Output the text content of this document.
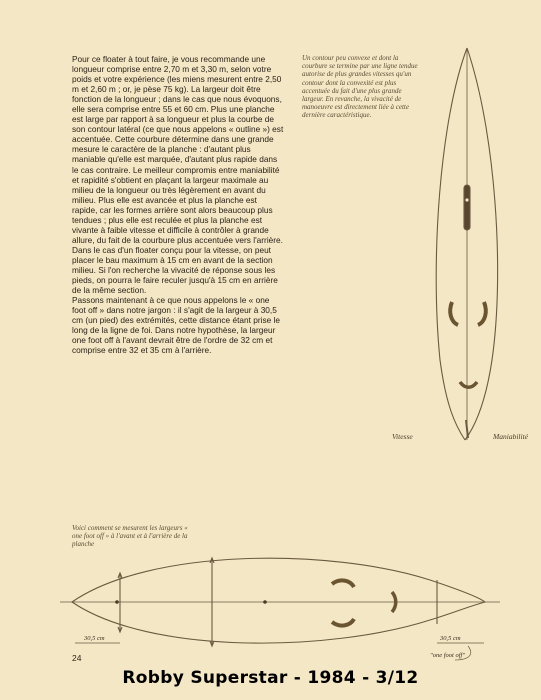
Pour ce floater à tout faire, je vous recommande une longueur comprise entre 2,70 m et 3,30 m, selon votre poids et votre expérience (les miens mesurent entre 2,50 m et 2,60 m ; or, je pèse 75 kg). La largeur doit être fonction de la longueur ; dans le cas que nous évoquons, elle sera comprise entre 55 et 60 cm. Plus une planche est large par rapport à sa longueur et plus la courbe de son contour latéral (ce que nous appelons « outline ») est accentuée. Cette courbure détermine dans une grande mesure le caractère de la planche : d'autant plus maniable qu'elle est marquée, d'autant plus rapide dans le cas contraire. Le meilleur compromis entre maniabilité et rapidité s'obtient en plaçant la largeur maximale au milieu de la longueur ou très légèrement en avant du milieu. Plus elle est avancée et plus la planche est rapide, car les formes arrière sont alors beaucoup plus tendues ; plus elle est reculée et plus la planche est vivante à faible vitesse et difficile à contrôler à grande allure, du fait de la courbure plus accentuée vers l'arrière. Dans le cas d'un floater conçu pour la vitesse, on peut placer le bau maximum à 15 cm en avant de la section milieu. Si l'on recherche la vivacité de réponse sous les pieds, on pourra le faire reculer jusqu'à 15 cm en arrière de la même section.

Passons maintenant à ce que nous appelons le « one foot off » dans notre jargon : il s'agit de la largeur à 30,5 cm (un pied) des extrémités, cette distance étant prise le long de la ligne de foi. Dans notre hypothèse, la largeur one foot off à l'avant devrait être de l'ordre de 32 cm et comprise entre 32 et 35 cm à l'arrière.

Un contour peu convexe et dont la courbure se termine par une ligne tendue autorise de plus grandes vitesses qu'un contour dont la convexité est plus accentuée du fait d'une plus grande largeur. En revanche, la vivacité de manoeuvre est directement liée à cette dernière caractéristique.

30,5 cm	30,5 cm
"one foot off"
Vitesse	Maniabilité

Voici comment se mesurent les largeurs « one foot off » à l'avant et à l'arrière de la planche

24
Robby Superstar - 1984 - 3/12
